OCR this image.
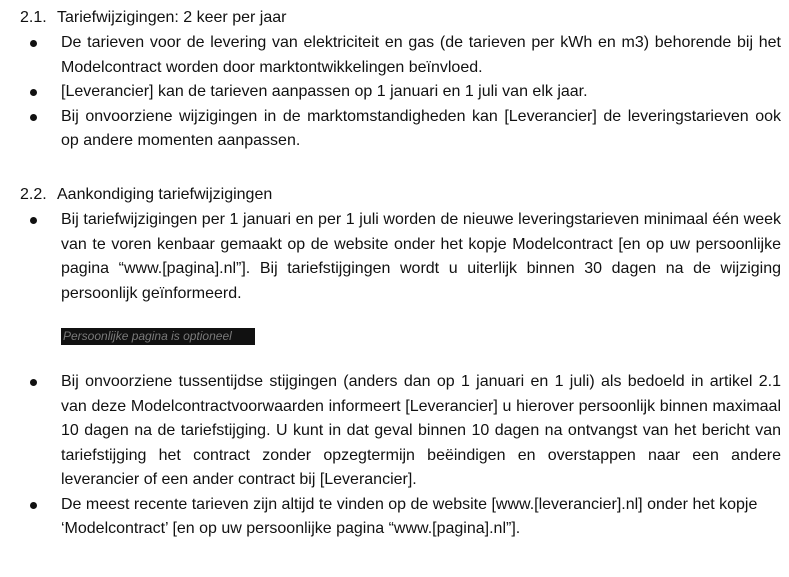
2.1. Tariefwijzigingen: 2 keer per jaar
De tarieven voor de levering van elektriciteit en gas (de tarieven per kWh en m3) behorende bij het Modelcontract worden door marktontwikkelingen beïnvloed.
[Leverancier] kan de tarieven aanpassen op 1 januari en 1 juli van elk jaar.
Bij onvoorziene wijzigingen in de marktomstandigheden kan [Leverancier] de leveringstarieven ook op andere momenten aanpassen.
2.2. Aankondiging tariefwijzigingen
Bij tariefwijzigingen per 1 januari en per 1 juli worden de nieuwe leveringstarieven minimaal één week van te voren kenbaar gemaakt op de website onder het kopje Modelcontract [en op uw persoonlijke pagina “www.[pagina].nl”]. Bij tariefstijgingen wordt u uiterlijk binnen 30 dagen na de wijziging persoonlijk geïnformeerd.
Persoonlijke pagina is optioneel
Bij onvoorziene tussentijdse stijgingen (anders dan op 1 januari en 1 juli) als bedoeld in artikel 2.1 van deze Modelcontractvoorwaarden informeert [Leverancier] u hierover persoonlijk binnen maximaal 10 dagen na de tariefstijging. U kunt in dat geval binnen 10 dagen na ontvangst van het bericht van tariefstijging het contract zonder opzegtermijn beëindigen en overstappen naar een andere leverancier of een ander contract bij [Leverancier].
De meest recente tarieven zijn altijd te vinden op de website [www.[leverancier].nl] onder het kopje ‘Modelcontract’ [en op uw persoonlijke pagina “www.[pagina].nl”].
